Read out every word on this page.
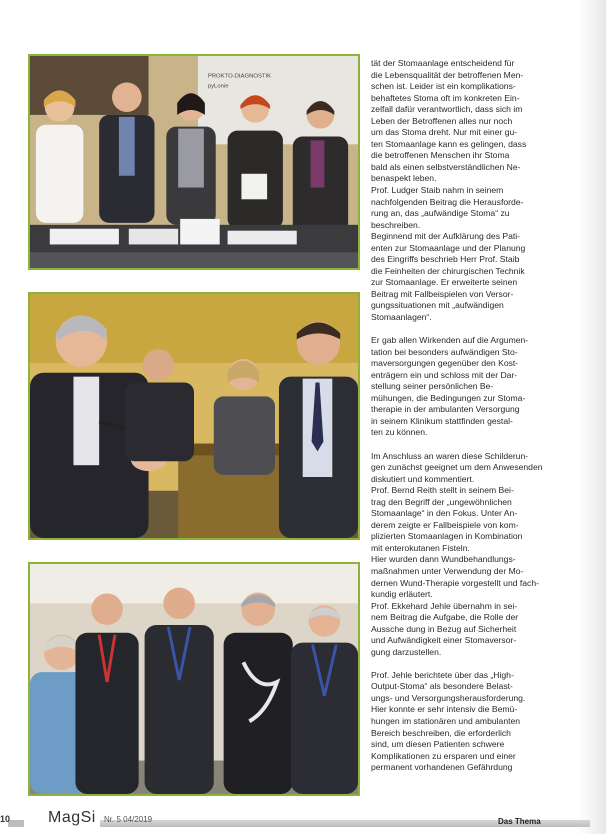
PROKTO-DIAGNOSTIK
pyLonie

tät der Stomaanlage entscheidend für
die Lebensqualität der betroffenen Men-
schen ist. Leider ist ein komplikations-
behaftetes Stoma oft im konkreten Ein-
zelfall dafür verantwortlich, dass sich im
Leben der Betroffenen alles nur noch
um das Stoma dreht. Nur mit einer gu-
ten Stomaanlage kann es gelingen, dass
die betroffenen Menschen ihr Stoma
bald als einen selbstverständlichen Ne-
benaspekt leben.
Prof. Ludger Staib nahm in seinem
nachfolgenden Beitrag die Herausforde-
rung an, das „aufwändige Stoma“ zu
beschreiben.
Beginnend mit der Aufklärung des Pati-
enten zur Stomaanlage und der Planung
des Eingriffs beschrieb Herr Prof. Staib
die Feinheiten der chirurgischen Technik
zur Stomaanlage. Er erweiterte seinen
Beitrag mit Fallbeispielen von Versor-
gungssituationen mit „aufwändigen
Stomaanlagen“.

Er gab allen Wirkenden auf die Argumen-
tation bei besonders aufwändigen Sto-
maversorgungen gegenüber den Kost-
enträgern ein und schloss mit der Dar-
stellung seiner persönlichen Be-
mühungen, die Bedingungen zur Stoma-
therapie in der ambulanten Versorgung
in seinem Klinikum stattfinden gestal-
ten zu können.

Im Anschluss an waren diese Schilderun-
gen zunächst geeignet um dem Anwesenden
diskutiert und kommentiert.
Prof. Bernd Reith stellt in seinem Bei-
trag den Begriff der „ungewöhnlichen
Stomaanlage“ in den Fokus. Unter An-
derem zeigte er Fallbeispiele von kom-
plizierten Stomaanlagen in Kombination
mit enterokutanen Fisteln.
Hier wurden dann Wundbehandlungs-
maßnahmen unter Verwendung der Mo-
dernen Wund-Therapie vorgestellt und fach-
kundig erläutert.
Prof. Ekkehard Jehle übernahm in sei-
nem Beitrag die Aufgabe, die Rolle der
Aussche dung in Bezug auf Sicherheit
und Aufwändigkeit einer Stomaversor-
gung darzustellen.

Prof. Jehle berichtete über das „High-
Output-Stoma“ als besondere Belast-
ungs- und Versorgungsherausforderung.
Hier konnte er sehr intensiv die Bemü-
hungen im stationären und ambulanten
Bereich beschreiben, die erforderlich
sind, um diesen Patienten schwere
Komplikationen zu ersparen und einer
permanent vorhandenen Gefährdung

10 MagSi Nr. 5 04/2019	Das Thema
